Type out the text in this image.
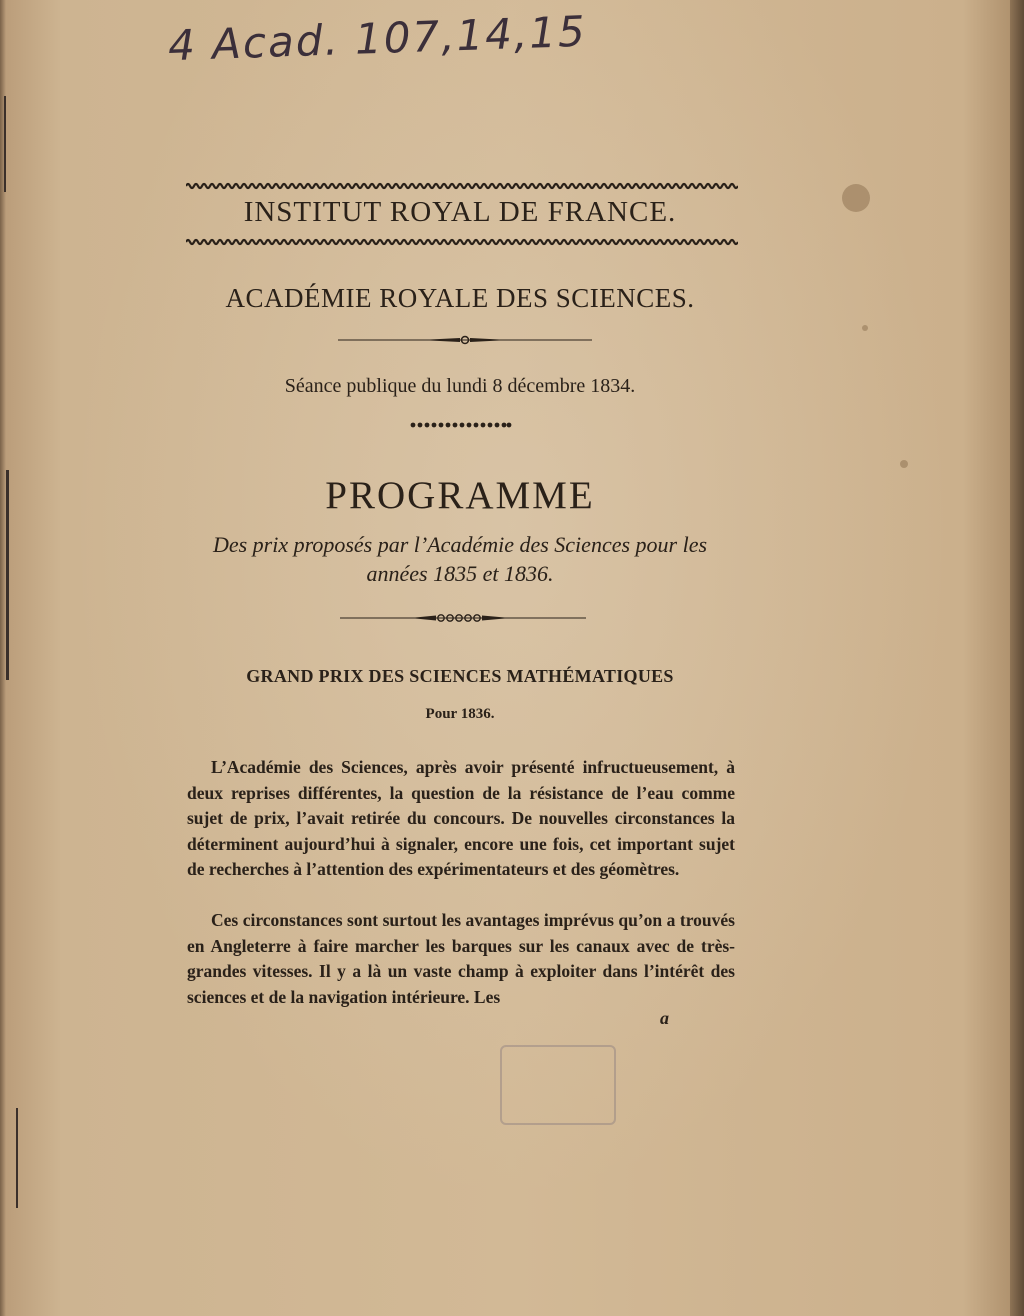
4 Acad. 107,14,15
INSTITUT ROYAL DE FRANCE.
ACADÉMIE ROYALE DES SCIENCES.
Séance publique du lundi 8 décembre 1834.
PROGRAMME
Des prix proposés par l’Académie des Sciences pour les
années 1835 et 1836.
GRAND PRIX DES SCIENCES MATHÉMATIQUES
Pour 1836.
L’Académie des Sciences, après avoir présenté infructueusement, à deux reprises différentes, la question de la résistance de l’eau comme sujet de prix, l’avait retirée du concours. De nouvelles circonstances la déterminent aujourd’hui à signaler, encore une fois, cet important sujet de recherches à l’attention des expérimentateurs et des géomètres.
Ces circonstances sont surtout les avantages imprévus qu’on a trouvés en Angleterre à faire marcher les barques sur les canaux avec de très-grandes vitesses. Il y a là un vaste champ à exploiter dans l’intérêt des sciences et de la navigation intérieure. Les
a
